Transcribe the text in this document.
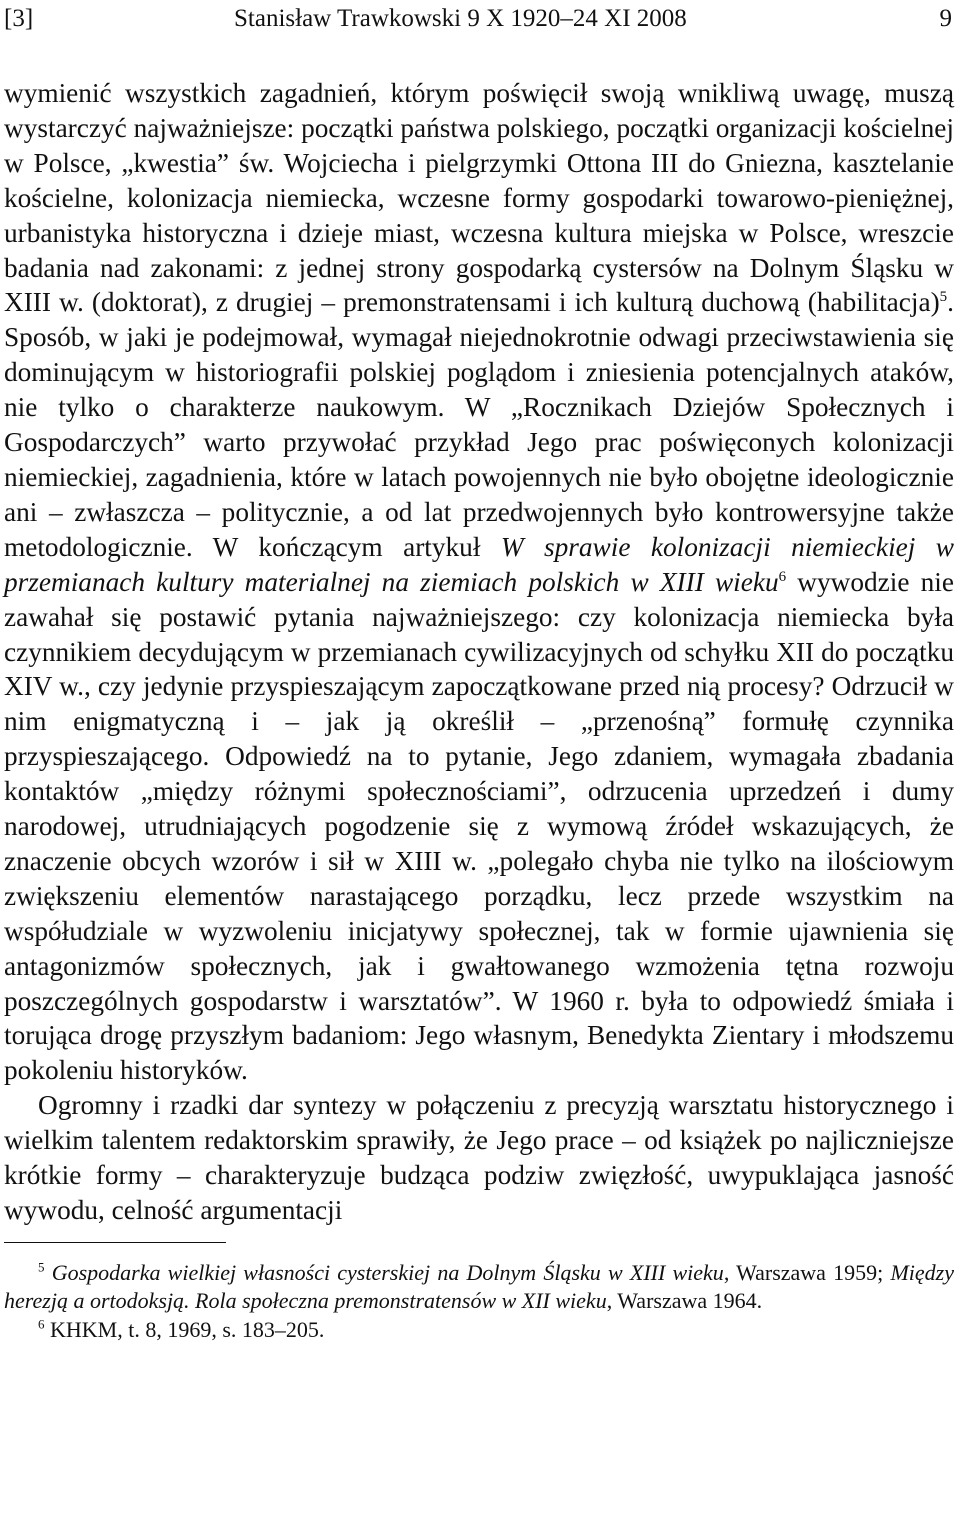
[3]	Stanisław Trawkowski 9 X 1920–24 XI 2008	9

wymienić wszystkich zagadnień, którym poświęcił swoją wnikliwą uwagę, muszą wystarczyć najważniejsze: początki państwa polskiego, początki organizacji kościelnej w Polsce, „kwestia” św. Wojciecha i pielgrzymki Ottona III do Gniezna, kasztelanie kościelne, kolonizacja niemiecka, wczesne formy gospodarki towarowo-pieniężnej, urbanistyka historyczna i dzieje miast, wczesna kultura miejska w Polsce, wreszcie badania nad zakonami: z jednej strony gospodarką cystersów na Dolnym Śląsku w XIII w. (doktorat), z drugiej – premonstratensami i ich kulturą duchową (habilitacja)$^5$. Sposób, w jaki je podejmował, wymagał niejednokrotnie odwagi przeciwstawienia się dominującym w historiografii polskiej poglądom i zniesienia potencjalnych ataków, nie tylko o charakterze naukowym. W „Rocznikach Dziejów Społecznych i Gospodarczych” warto przywołać przykład Jego prac poświęconych kolonizacji niemieckiej, zagadnienia, które w latach powojennych nie było obojętne ideologicznie ani – zwłaszcza – politycznie, a od lat przedwojennych było kontrowersyjne także metodologicznie. W kończącym artykuł W sprawie kolonizacji niemieckiej w przemianach kultury materialnej na ziemiach polskich w XIII wieku$^6$ wywodzie nie zawahał się postawić pytania najważniejszego: czy kolonizacja niemiecka była czynnikiem decydującym w przemianach cywilizacyjnych od schyłku XII do początku XIV w., czy jedynie przyspieszającym zapoczątkowane przed nią procesy? Odrzucił w nim enigmatyczną i – jak ją określił – „przenośną” formułę czynnika przyspieszającego. Odpowiedź na to pytanie, Jego zdaniem, wymagała zbadania kontaktów „między różnymi społecznościami”, odrzucenia uprzedzeń i dumy narodowej, utrudniających pogodzenie się z wymową źródeł wskazujących, że znaczenie obcych wzorów i sił w XIII w. „polegało chyba nie tylko na ilościowym zwiększeniu elementów narastającego porządku, lecz przede wszystkim na współudziale w wyzwoleniu inicjatywy społecznej, tak w formie ujawnienia się antagonizmów społecznych, jak i gwałtowanego wzmożenia tętna rozwoju poszczególnych gospodarstw i warsztatów”. W 1960 r. była to odpowiedź śmiała i torująca drogę przyszłym badaniom: Jego własnym, Benedykta Zientary i młodszemu pokoleniu historyków.

Ogromny i rzadki dar syntezy w połączeniu z precyzją warsztatu historycznego i wielkim talentem redaktorskim sprawiły, że Jego prace – od książek po najliczniejsze krótkie formy – charakteryzuje budząca podziw zwięzłość, uwypuklająca jasność wywodu, celność argumentacji

$^5$ Gospodarka wielkiej własności cysterskiej na Dolnym Śląsku w XIII wieku, Warszawa 1959; Między herezją a ortodoksją. Rola społeczna premonstratensów w XII wieku, Warszawa 1964.

$^6$ KHKM, t. 8, 1969, s. 183–205.
